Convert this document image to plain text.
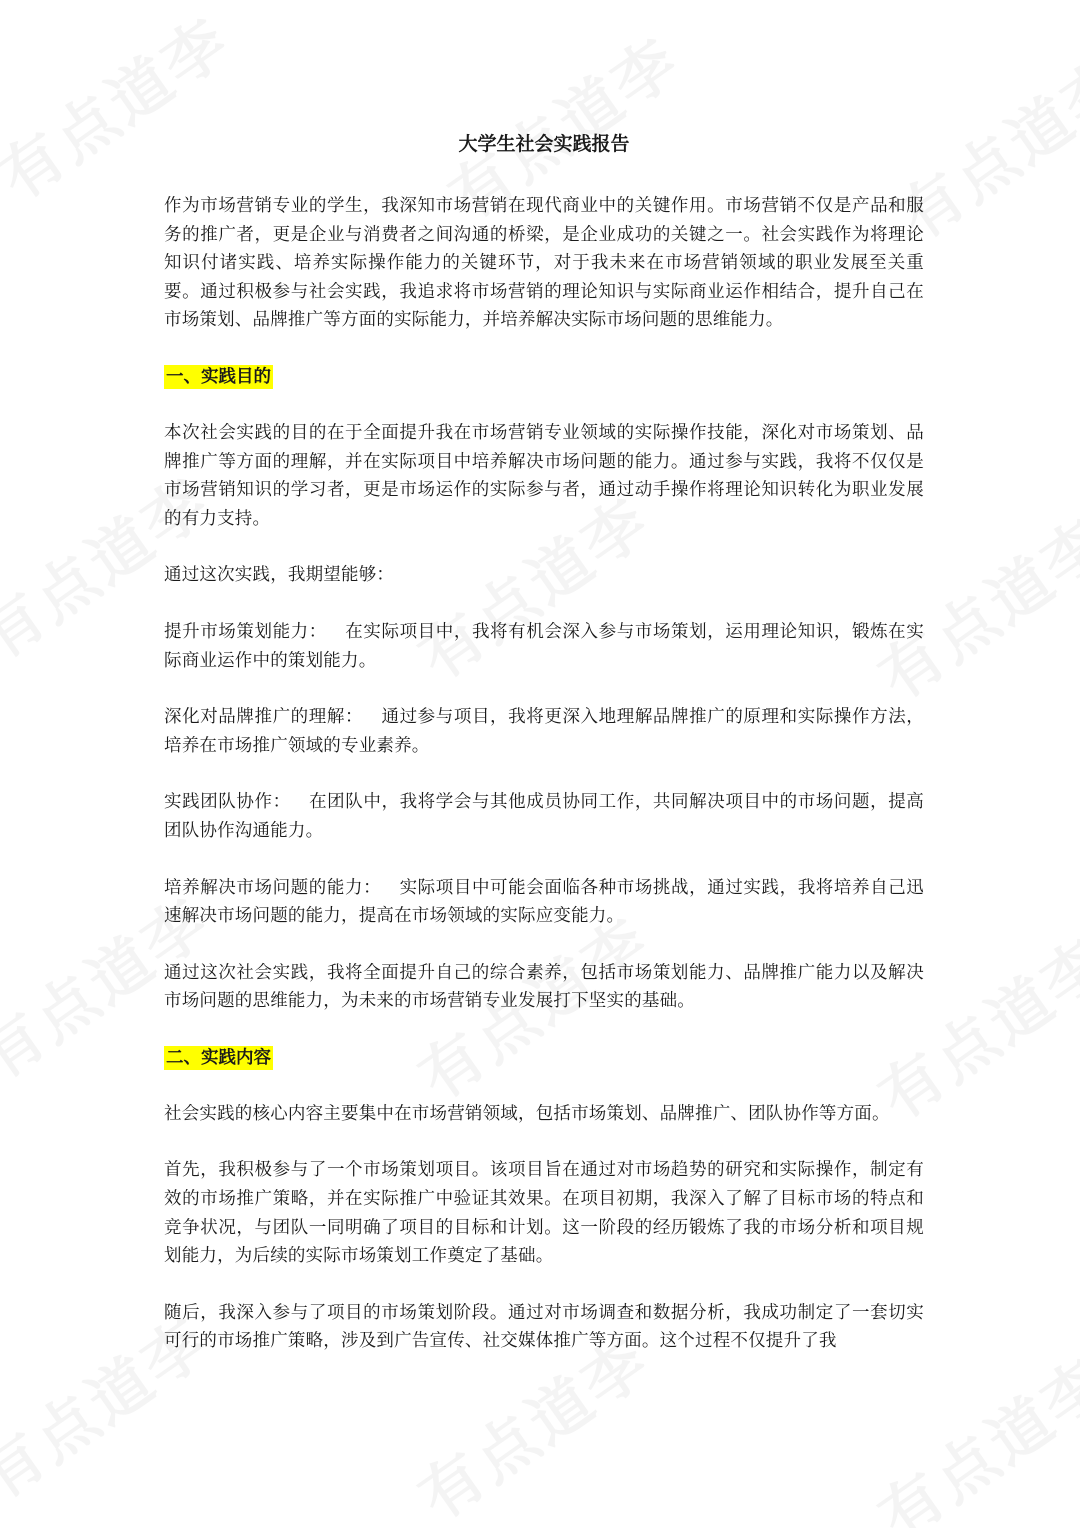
大学生社会实践报告

作为市场营销专业的学生，我深知市场营销在现代商业中的关键作用。市场营销不仅是产品和服务的推广者，更是企业与消费者之间沟通的桥梁，是企业成功的关键之一。社会实践作为将理论知识付诸实践、培养实际操作能力的关键环节，对于我未来在市场营销领域的职业发展至关重要。通过积极参与社会实践，我追求将市场营销的理论知识与实际商业运作相结合，提升自己在市场策划、品牌推广等方面的实际能力，并培养解决实际市场问题的思维能力。

一、实践目的

本次社会实践的目的在于全面提升我在市场营销专业领域的实际操作技能，深化对市场策划、品牌推广等方面的理解，并在实际项目中培养解决市场问题的能力。通过参与实践，我将不仅仅是市场营销知识的学习者，更是市场运作的实际参与者，通过动手操作将理论知识转化为职业发展的有力支持。

通过这次实践，我期望能够：

提升市场策划能力： 在实际项目中，我将有机会深入参与市场策划，运用理论知识，锻炼在实际商业运作中的策划能力。

深化对品牌推广的理解： 通过参与项目，我将更深入地理解品牌推广的原理和实际操作方法，培养在市场推广领域的专业素养。

实践团队协作： 在团队中，我将学会与其他成员协同工作，共同解决项目中的市场问题，提高团队协作沟通能力。

培养解决市场问题的能力： 实际项目中可能会面临各种市场挑战，通过实践，我将培养自己迅速解决市场问题的能力，提高在市场领域的实际应变能力。

通过这次社会实践，我将全面提升自己的综合素养，包括市场策划能力、品牌推广能力以及解决市场问题的思维能力，为未来的市场营销专业发展打下坚实的基础。

二、实践内容

社会实践的核心内容主要集中在市场营销领域，包括市场策划、品牌推广、团队协作等方面。

首先，我积极参与了一个市场策划项目。该项目旨在通过对市场趋势的研究和实际操作，制定有效的市场推广策略，并在实际推广中验证其效果。在项目初期，我深入了解了目标市场的特点和竞争状况，与团队一同明确了项目的目标和计划。这一阶段的经历锻炼了我的市场分析和项目规划能力，为后续的实际市场策划工作奠定了基础。

随后，我深入参与了项目的市场策划阶段。通过对市场调查和数据分析，我成功制定了一套切实可行的市场推广策略，涉及到广告宣传、社交媒体推广等方面。这个过程不仅提升了我
